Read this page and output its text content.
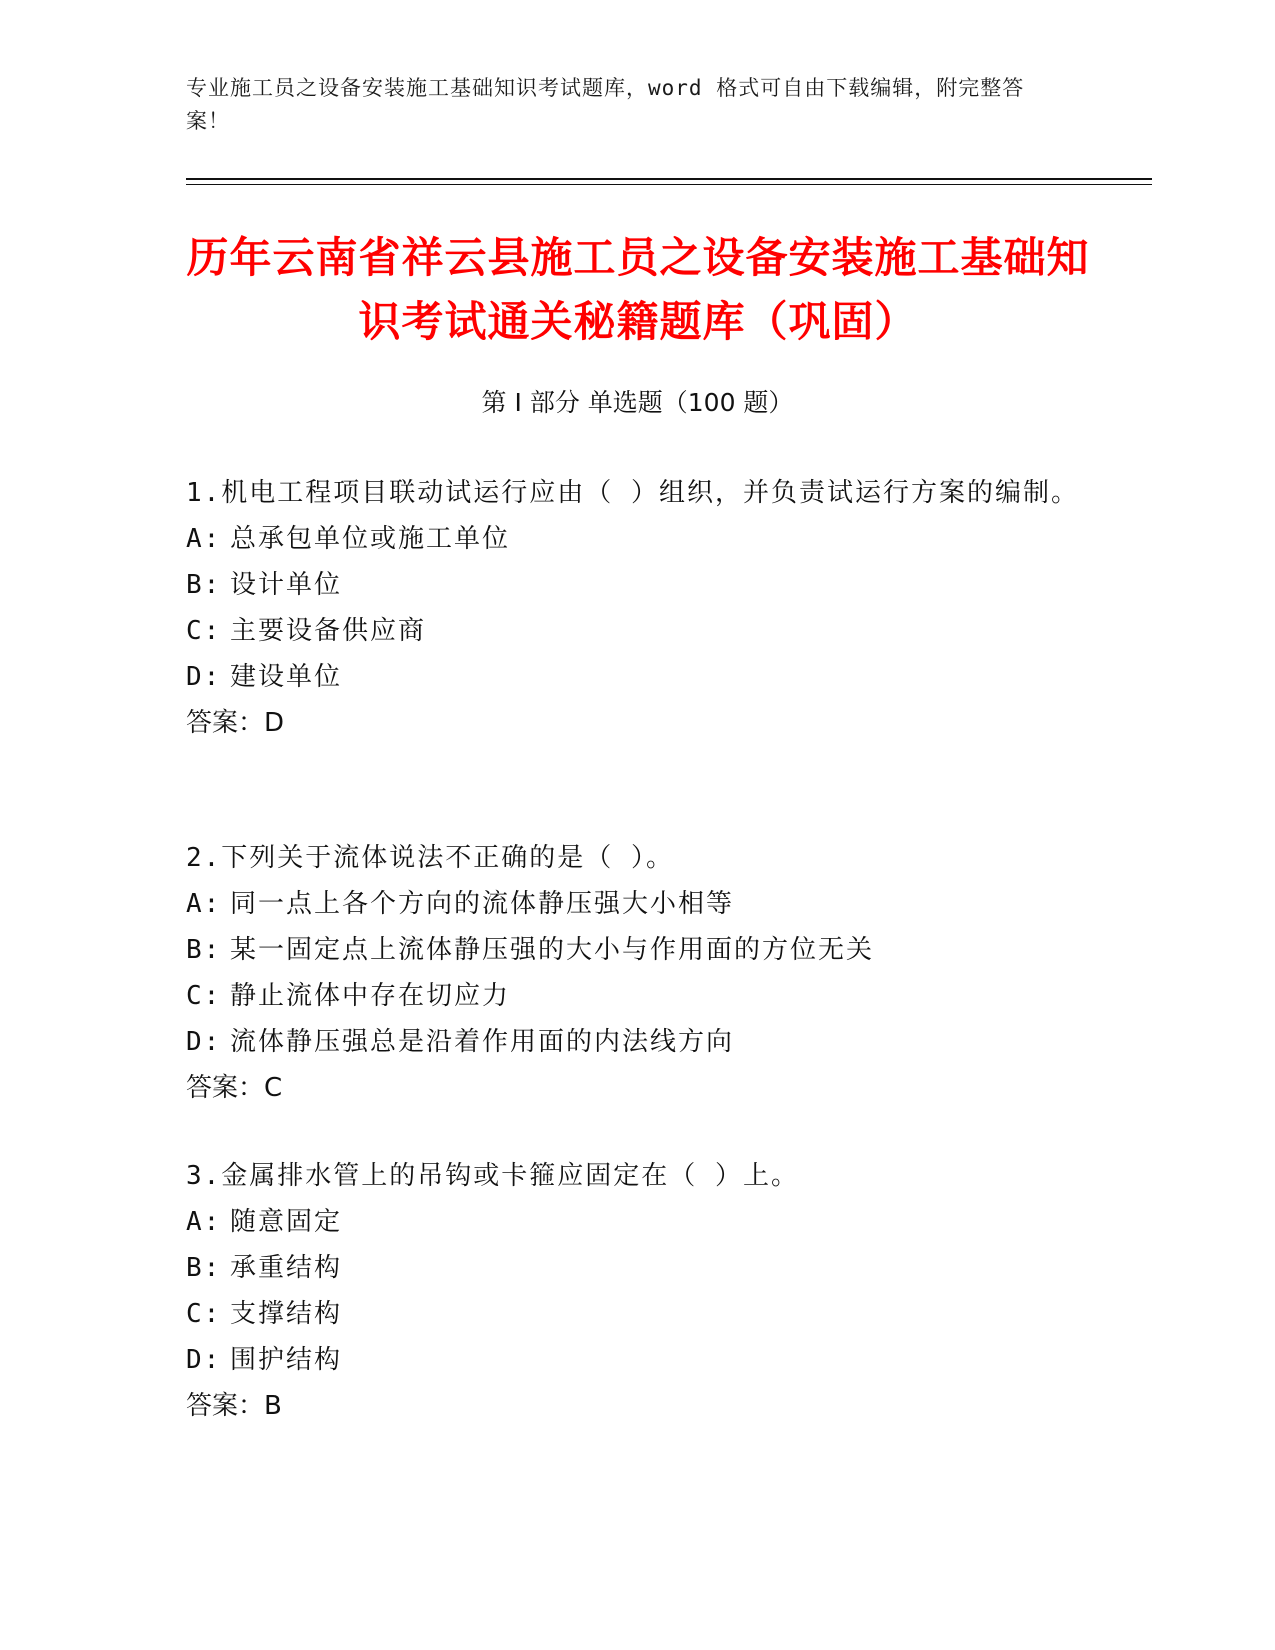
专业施工员之设备安装施工基础知识考试题库，word 格式可自由下载编辑，附完整答案！
历年云南省祥云县施工员之设备安装施工基础知识考试通关秘籍题库（巩固）
第 I 部分 单选题（100 题）

1.机电工程项目联动试运行应由（ ）组织，并负责试运行方案的编制。

A: 总承包单位或施工单位

B: 设计单位

C: 主要设备供应商

D: 建设单位

答案：D

2.下列关于流体说法不正确的是（ ）。

A: 同一点上各个方向的流体静压强大小相等

B: 某一固定点上流体静压强的大小与作用面的方位无关

C: 静止流体中存在切应力

D: 流体静压强总是沿着作用面的内法线方向

答案：C

3.金属排水管上的吊钩或卡箍应固定在（ ）上。

A: 随意固定

B: 承重结构

C: 支撑结构

D: 围护结构

答案：B
